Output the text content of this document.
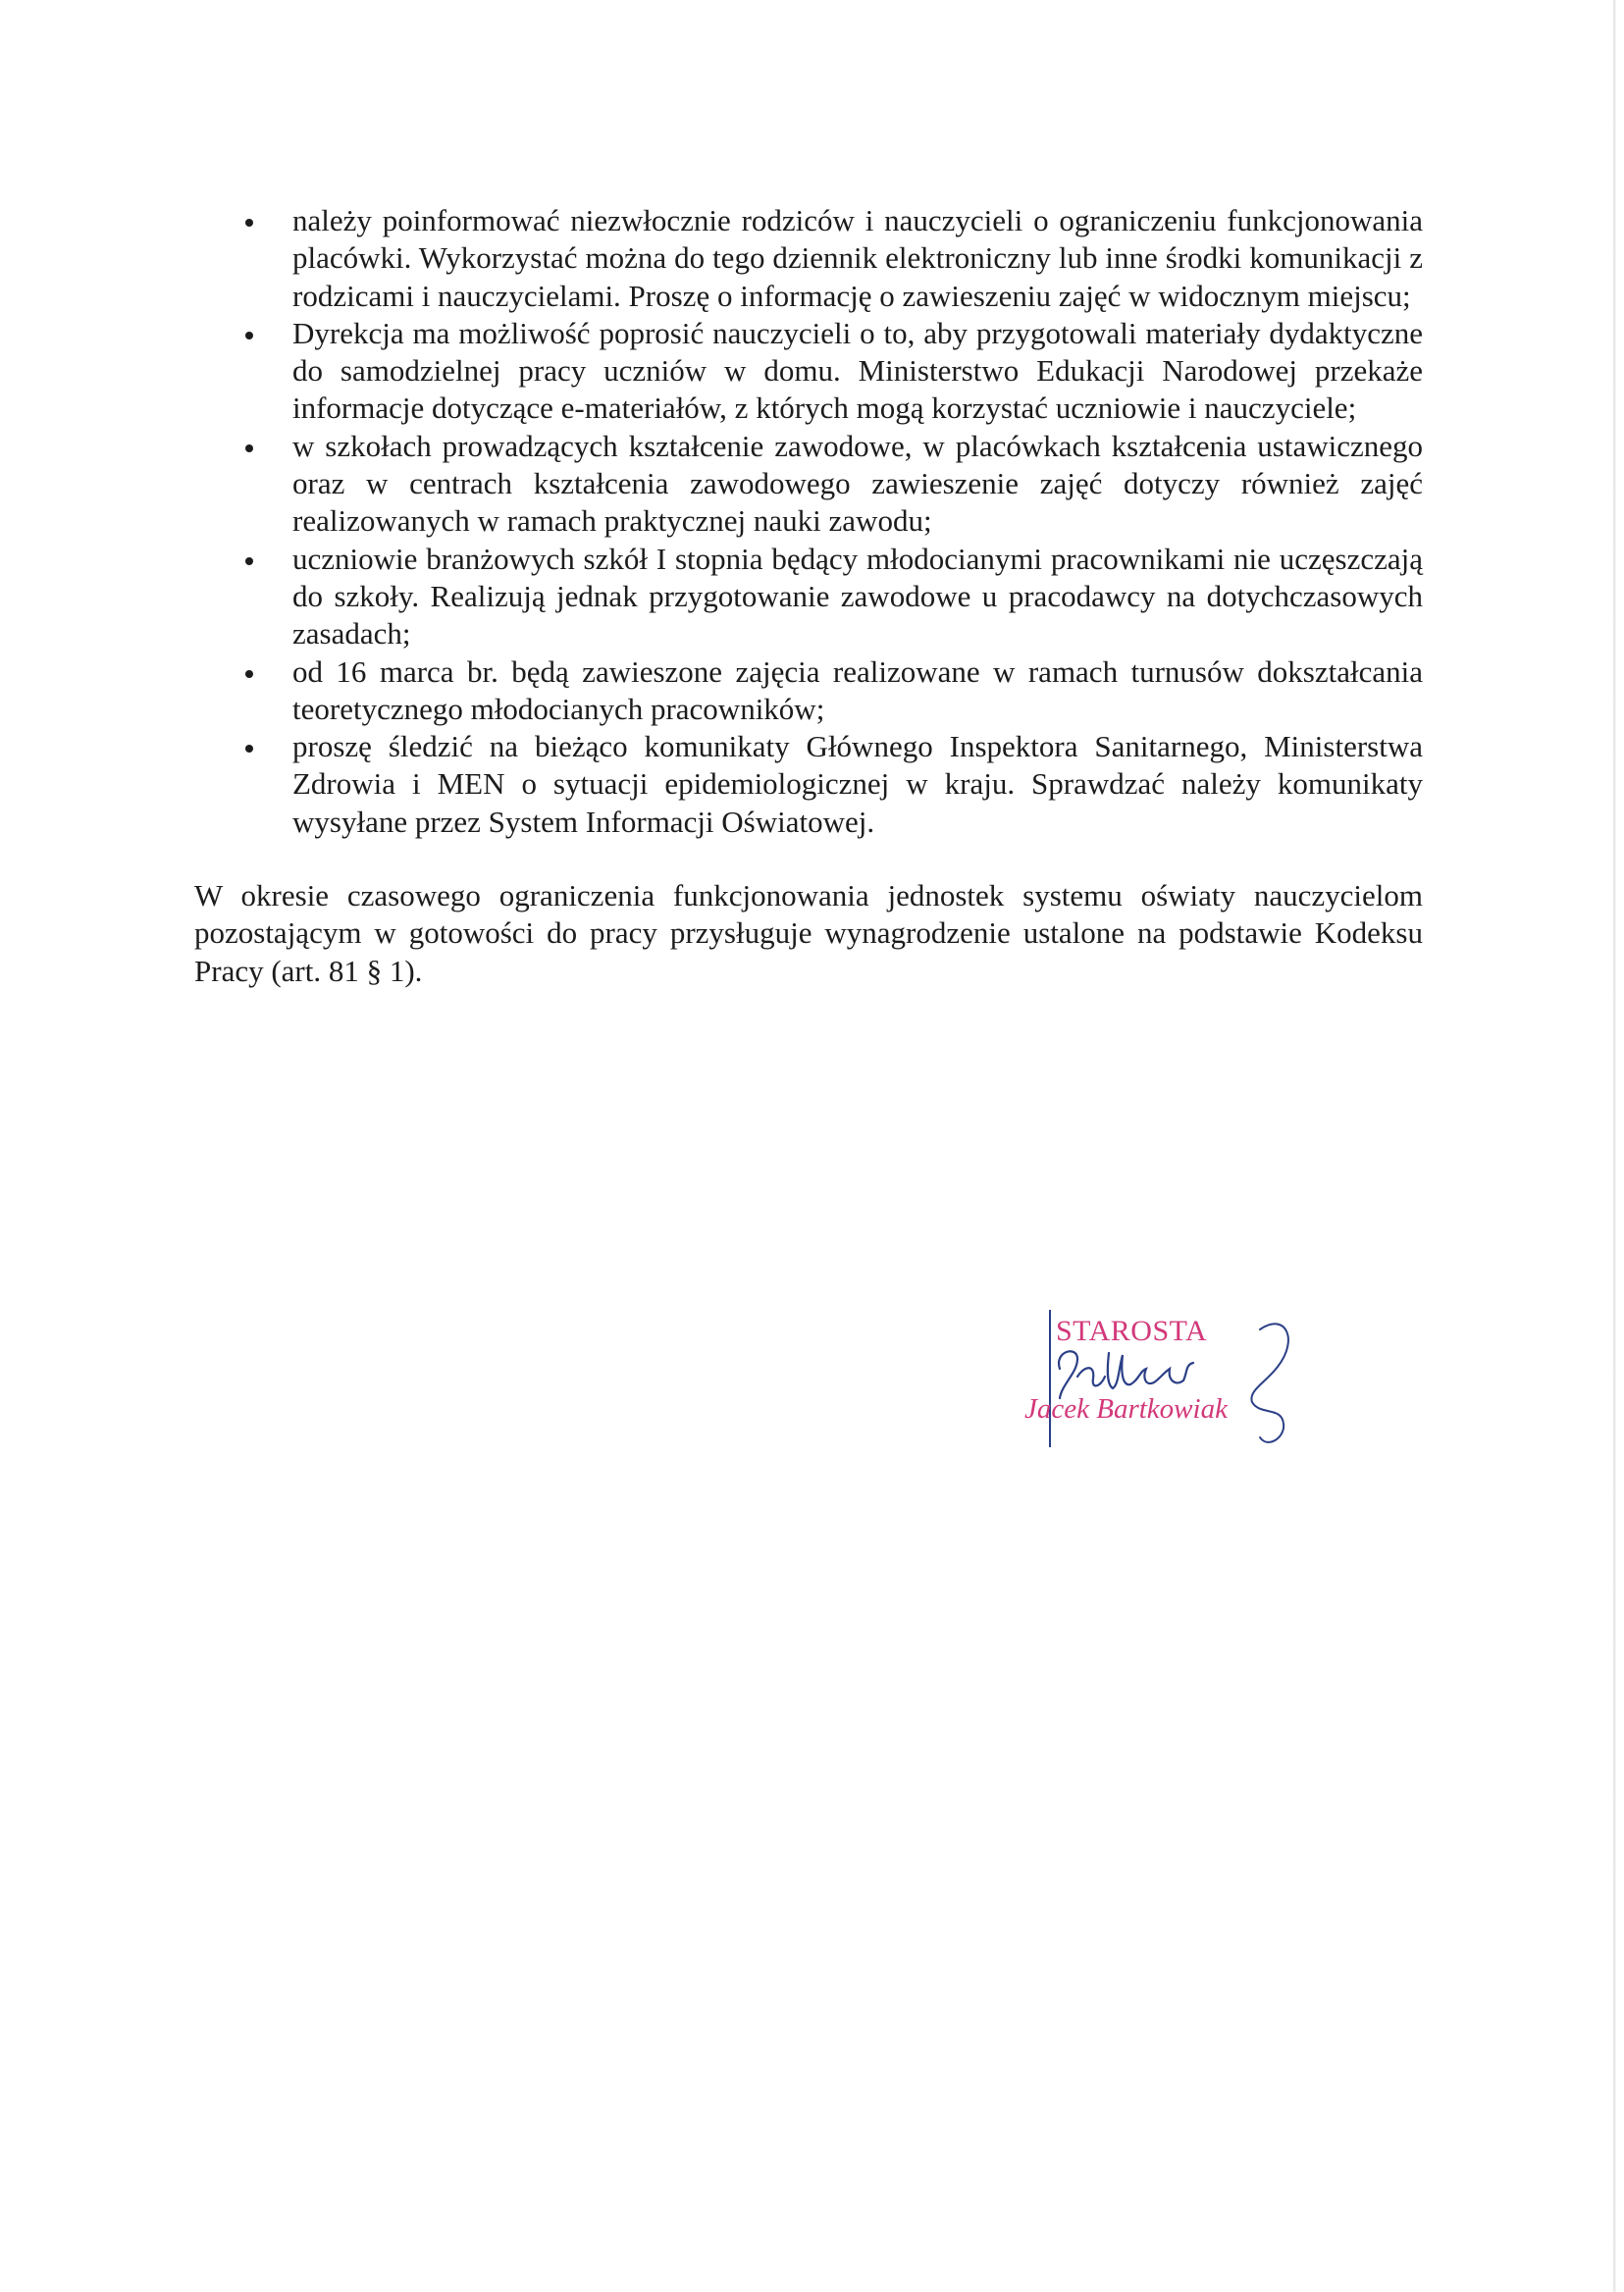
należy poinformować niezwłocznie rodziców i nauczycieli o ograniczeniu funkcjonowania placówki. Wykorzystać można do tego dziennik elektroniczny lub inne środki komunikacji z rodzicami i nauczycielami. Proszę o informację o zawieszeniu zajęć w widocznym miejscu;
Dyrekcja ma możliwość poprosić nauczycieli o to, aby przygotowali materiały dydaktyczne do samodzielnej pracy uczniów w domu. Ministerstwo Edukacji Narodowej przekaże informacje dotyczące e-materiałów, z których mogą korzystać uczniowie i nauczyciele;
w szkołach prowadzących kształcenie zawodowe, w placówkach kształcenia ustawicznego oraz w centrach kształcenia zawodowego zawieszenie zajęć dotyczy również zajęć realizowanych w ramach praktycznej nauki zawodu;
uczniowie branżowych szkół I stopnia będący młodocianymi pracownikami nie uczęszczają do szkoły. Realizują jednak przygotowanie zawodowe u pracodawcy na dotychczasowych zasadach;
od 16 marca br. będą zawieszone zajęcia realizowane w ramach turnusów dokształcania teoretycznego młodocianych pracowników;
proszę śledzić na bieżąco komunikaty Głównego Inspektora Sanitarnego, Ministerstwa Zdrowia i MEN o sytuacji epidemiologicznej w kraju. Sprawdzać należy komunikaty wysyłane przez System Informacji Oświatowej.

W okresie czasowego ograniczenia funkcjonowania jednostek systemu oświaty nauczycielom pozostającym w gotowości do pracy przysługuje wynagrodzenie ustalone na podstawie Kodeksu Pracy (art. 81 § 1).

STAROSTA
Jacek Bartkowiak
